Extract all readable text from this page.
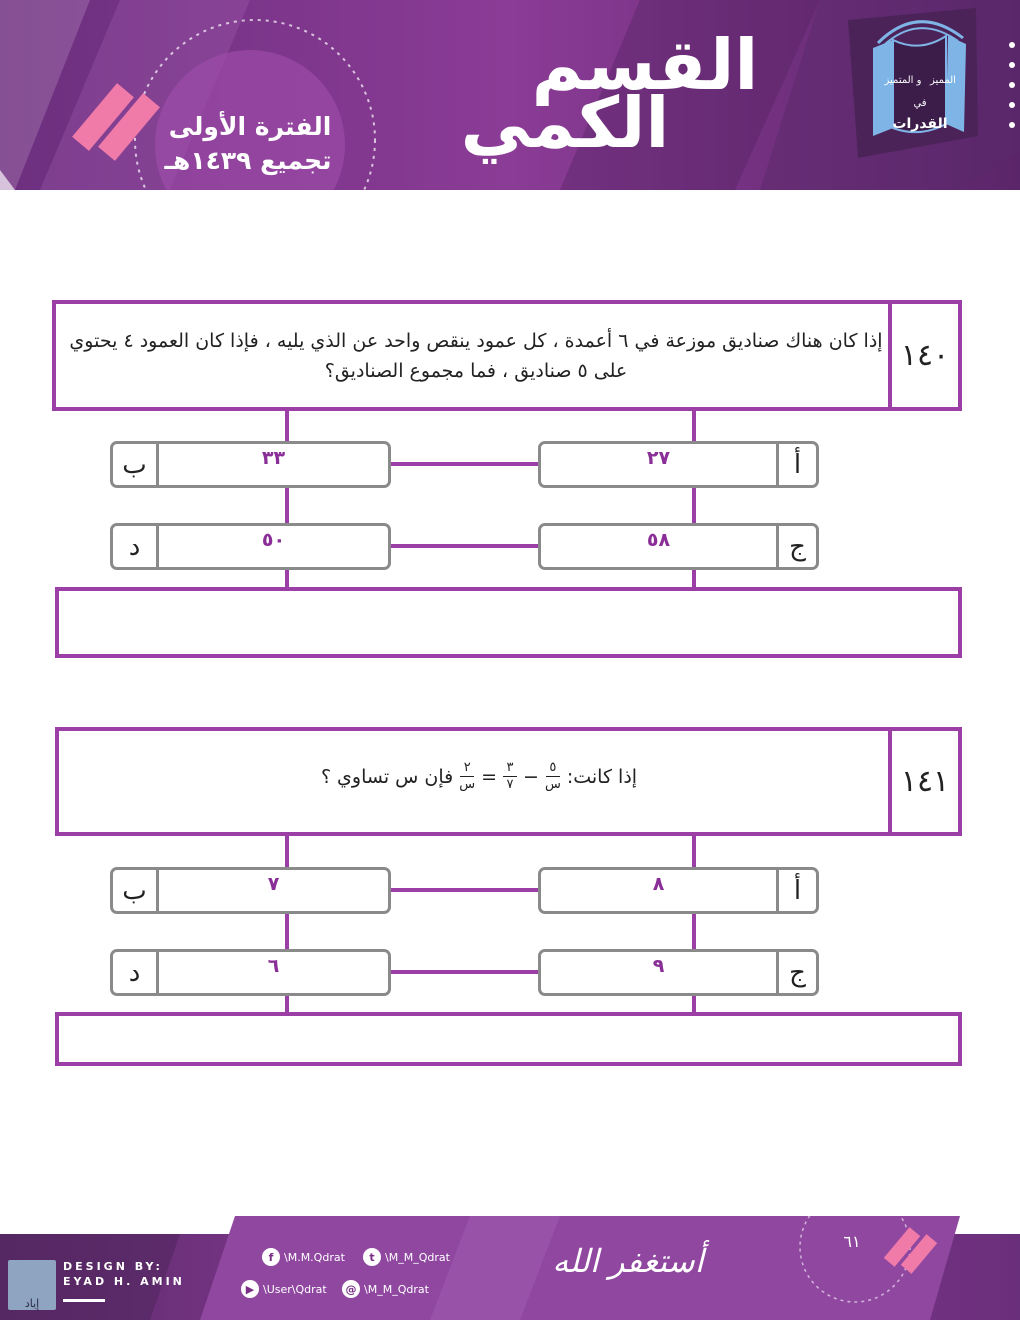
القسم
الكمي
الفترة الأولى
تجميع ١٤٣٩هـ
القدرات
في
المميز
و المتميز
١٤٠
إذا كان هناك صناديق موزعة في ٦ أعمدة ، كل عمود ينقص واحد عن الذي يليه ، فإذا كان العمود ٤ يحتوي على ٥ صناديق ، فما مجموع الصناديق؟
أ
٢٧
ب	٣٣
ج
٥٨
د	٥٠
١٤١
إذا كانت:
$\frac{٥}{\text{س}}$
−
$\frac{٣}{٧}$
=
$\frac{٢}{\text{س}}$
فإن س تساوي ؟
أ
٨
ب	٧
ج
٩
د	٦
إياد
DESIGN BY:
EYAD H. AMIN
f \M.M.Qdrat	t \M_M_Qdrat
▶ \User\Qdrat	@ \M_M_Qdrat
أستغفر الله
٦١
